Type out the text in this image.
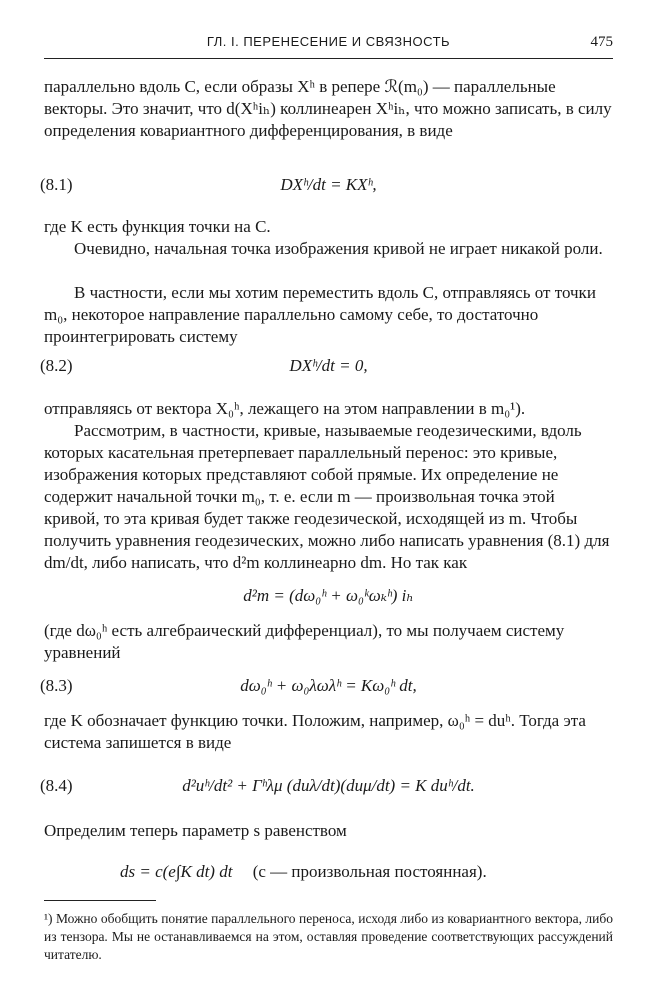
ГЛ. I. ПЕРЕНЕСЕНИЕ И СВЯЗНОСТЬ	475

параллельно вдоль C, если образы Xʰ в репере ℛ(m₀) — параллельные векторы. Это значит, что d(Xʰiₕ) коллинеарен Xʰiₕ, что можно записать, в силу определения ковариантного дифференцирования, в виде

(8.1)	DXʰ/dt = KXʰ,

где K есть функция точки на C.

Очевидно, начальная точка изображения кривой не играет никакой роли.

В частности, если мы хотим переместить вдоль C, отправляясь от точки m₀, некоторое направление параллельно самому себе, то достаточно проинтегрировать систему

(8.2)	DXʰ/dt = 0,

отправляясь от вектора X₀ʰ, лежащего на этом направлении в m₀¹).

Рассмотрим, в частности, кривые, называемые геодезическими, вдоль которых касательная претерпевает параллельный перенос: это кривые, изображения которых представляют собой прямые. Их определение не содержит начальной точки m₀, т. е. если m — произвольная точка этой кривой, то эта кривая будет также геодезической, исходящей из m. Чтобы получить уравнения геодезических, можно либо написать уравнения (8.1) для dm/dt, либо написать, что d²m коллинеарно dm. Но так как

d²m = (dω₀ʰ + ω₀ᵏωₖʰ) iₕ

(где dω₀ʰ есть алгебраический дифференциал), то мы получаем систему уравнений

(8.3)	dω₀ʰ + ω₀λωλʰ = Kω₀ʰ dt,

где K обозначает функцию точки. Положим, например, ω₀ʰ = duʰ. Тогда эта система запишется в виде

(8.4)	d²uʰ/dt² + Γʰλμ (duλ/dt)(duμ/dt) = K duʰ/dt.

Определим теперь параметр s равенством

ds = c(e∫K dt) dt (c — произвольная постоянная).

¹) Можно обобщить понятие параллельного переноса, исходя либо из ковариантного вектора, либо из тензора. Мы не останавливаемся на этом, оставляя проведение соответствующих рассуждений читателю.
